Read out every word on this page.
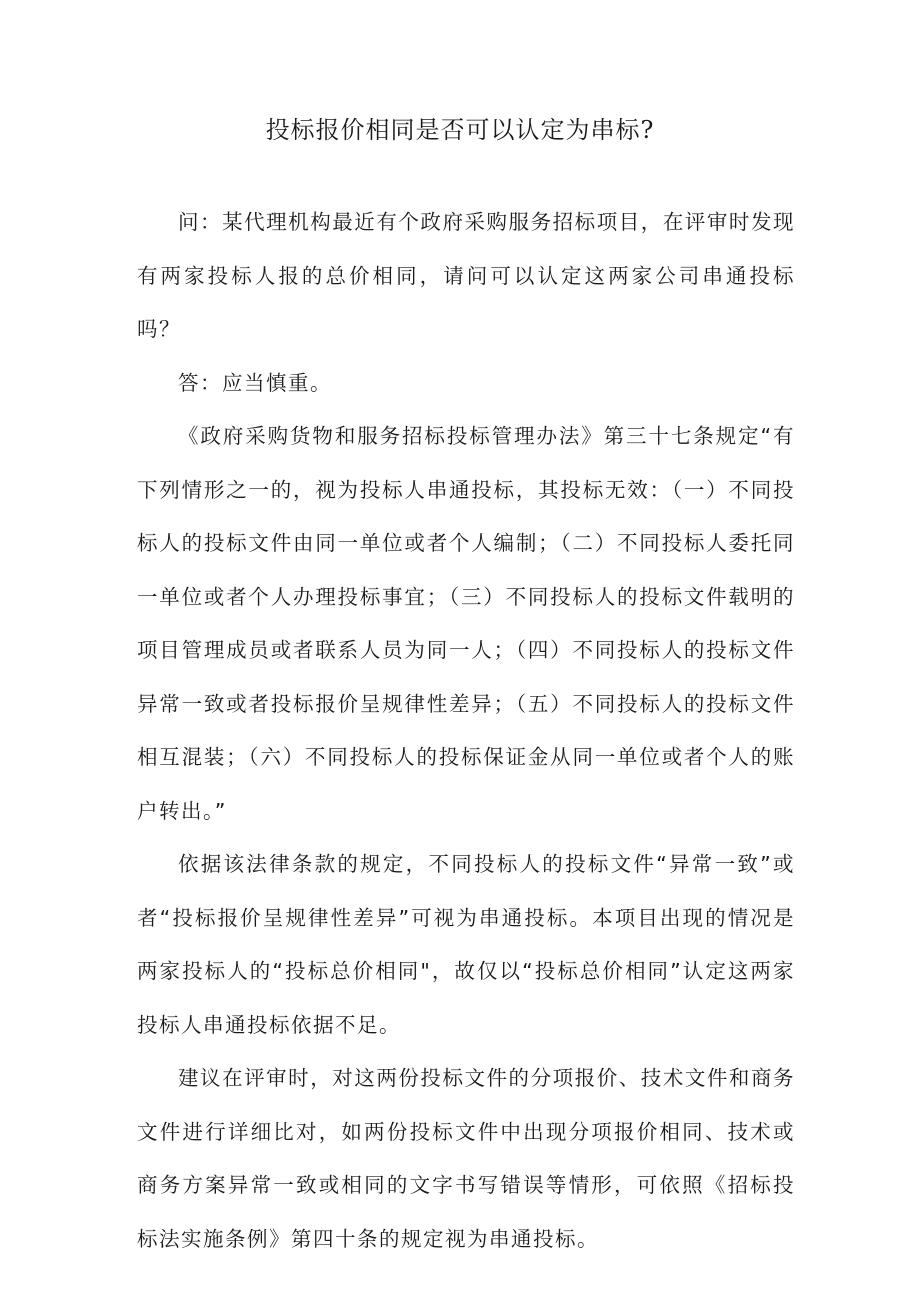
投标报价相同是否可以认定为串标?

问：某代理机构最近有个政府采购服务招标项目，在评审时发现有两家投标人报的总价相同，请问可以认定这两家公司串通投标吗？

答：应当慎重。

《政府采购货物和服务招标投标管理办法》第三十七条规定“有下列情形之一的，视为投标人串通投标，其投标无效：（一）不同投标人的投标文件由同一单位或者个人编制；（二）不同投标人委托同一单位或者个人办理投标事宜；（三）不同投标人的投标文件载明的项目管理成员或者联系人员为同一人；（四）不同投标人的投标文件异常一致或者投标报价呈规律性差异；（五）不同投标人的投标文件相互混装；（六）不同投标人的投标保证金从同一单位或者个人的账户转出。”

依据该法律条款的规定，不同投标人的投标文件“异常一致”或者“投标报价呈规律性差异”可视为串通投标。本项目出现的情况是两家投标人的“投标总价相同"，故仅以“投标总价相同”认定这两家投标人串通投标依据不足。

建议在评审时，对这两份投标文件的分项报价、技术文件和商务文件进行详细比对，如两份投标文件中出现分项报价相同、技术或商务方案异常一致或相同的文字书写错误等情形，可依照《招标投标法实施条例》第四十条的规定视为串通投标。
